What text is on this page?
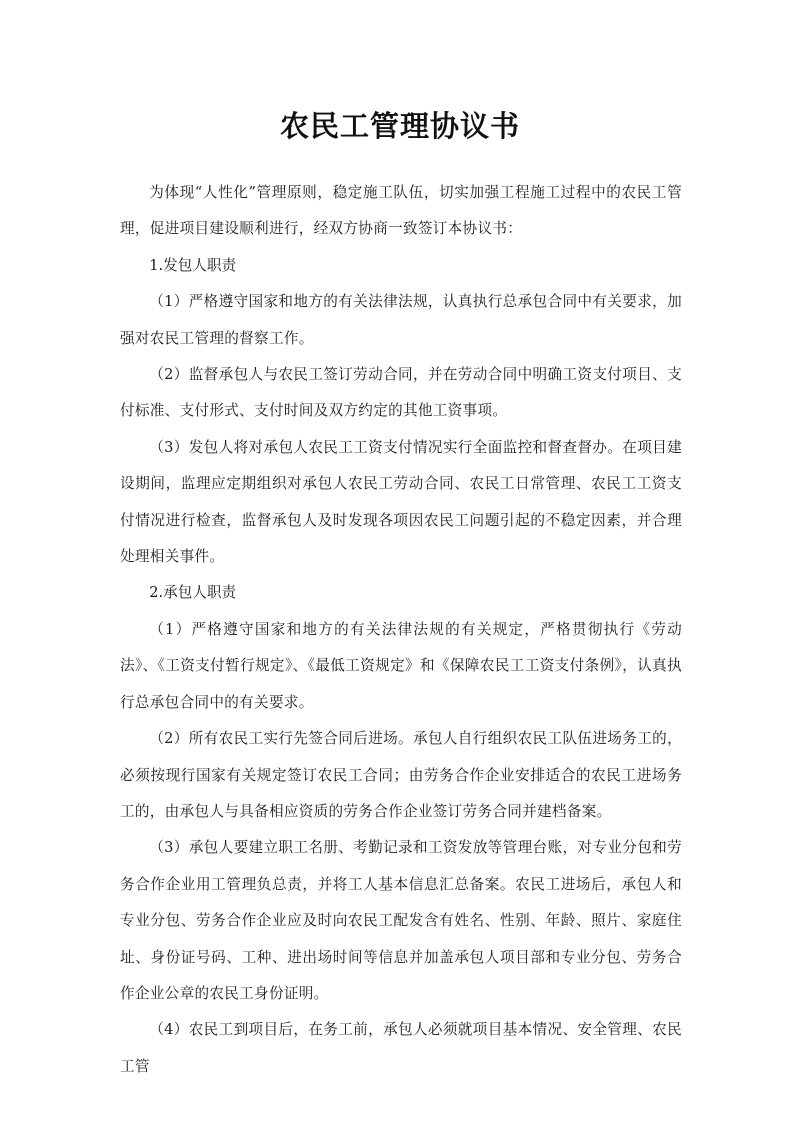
农民工管理协议书

为体现“人性化”管理原则，稳定施工队伍，切实加强工程施工过程中的农民工管理，促进项目建设顺利进行，经双方协商一致签订本协议书：

1.发包人职责

（1）严格遵守国家和地方的有关法律法规，认真执行总承包合同中有关要求，加强对农民工管理的督察工作。

（2）监督承包人与农民工签订劳动合同，并在劳动合同中明确工资支付项目、支付标准、支付形式、支付时间及双方约定的其他工资事项。

（3）发包人将对承包人农民工工资支付情况实行全面监控和督查督办。在项目建设期间，监理应定期组织对承包人农民工劳动合同、农民工日常管理、农民工工资支付情况进行检查，监督承包人及时发现各项因农民工问题引起的不稳定因素，并合理处理相关事件。

2.承包人职责

（1）严格遵守国家和地方的有关法律法规的有关规定，严格贯彻执行《劳动法》、《工资支付暂行规定》、《最低工资规定》和《保障农民工工资支付条例》，认真执行总承包合同中的有关要求。

（2）所有农民工实行先签合同后进场。承包人自行组织农民工队伍进场务工的，必须按现行国家有关规定签订农民工合同；由劳务合作企业安排适合的农民工进场务工的，由承包人与具备相应资质的劳务合作企业签订劳务合同并建档备案。

（3）承包人要建立职工名册、考勤记录和工资发放等管理台账，对专业分包和劳务合作企业用工管理负总责，并将工人基本信息汇总备案。农民工进场后，承包人和专业分包、劳务合作企业应及时向农民工配发含有姓名、性别、年龄、照片、家庭住址、身份证号码、工种、进出场时间等信息并加盖承包人项目部和专业分包、劳务合作企业公章的农民工身份证明。

（4）农民工到项目后，在务工前，承包人必须就项目基本情况、安全管理、农民工管
